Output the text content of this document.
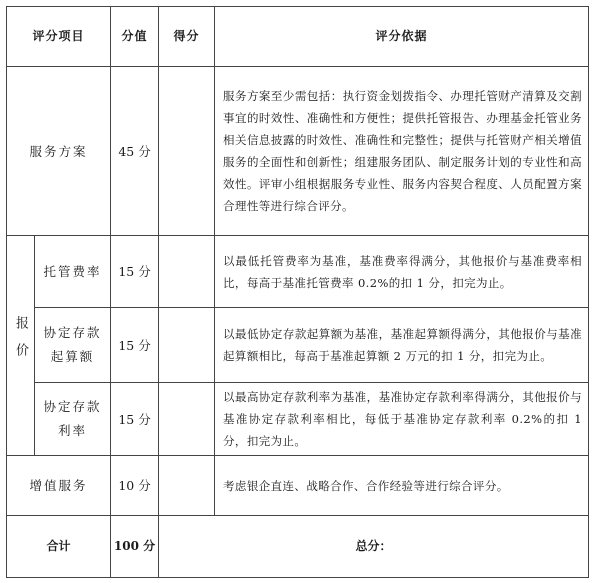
评分项目		分值	得分	评分依据
服务方案		45 分		服务方案至少需包括：执行资金划拨指令、办理托管财产清算及交割事宜的时效性、准确性和方便性；提供托管报告、办理基金托管业务相关信息披露的时效性、准确性和完整性；提供与托管财产相关增值服务的全面性和创新性；组建服务团队、制定服务计划的专业性和高效性。评审小组根据服务专业性、服务内容契合程度、人员配置方案合理性等进行综合评分。
报价	托管费率	15 分		以最低托管费率为基准，基准费率得满分，其他报价与基准费率相比，每高于基准托管费率 0.2%的扣 1 分，扣完为止。
	协定存款起算额	15 分		以最低协定存款起算额为基准，基准起算额得满分，其他报价与基准起算额相比，每高于基准起算额 2 万元的扣 1 分，扣完为止。
	协定存款利率	15 分		以最高协定存款利率为基准，基准协定存款利率得满分，其他报价与基准协定存款利率相比，每低于基准协定存款利率 0.2%的扣 1 分，扣完为止。
增值服务		10 分		考虑银企直连、战略合作、合作经验等进行综合评分。
合计		100 分	总分：	
